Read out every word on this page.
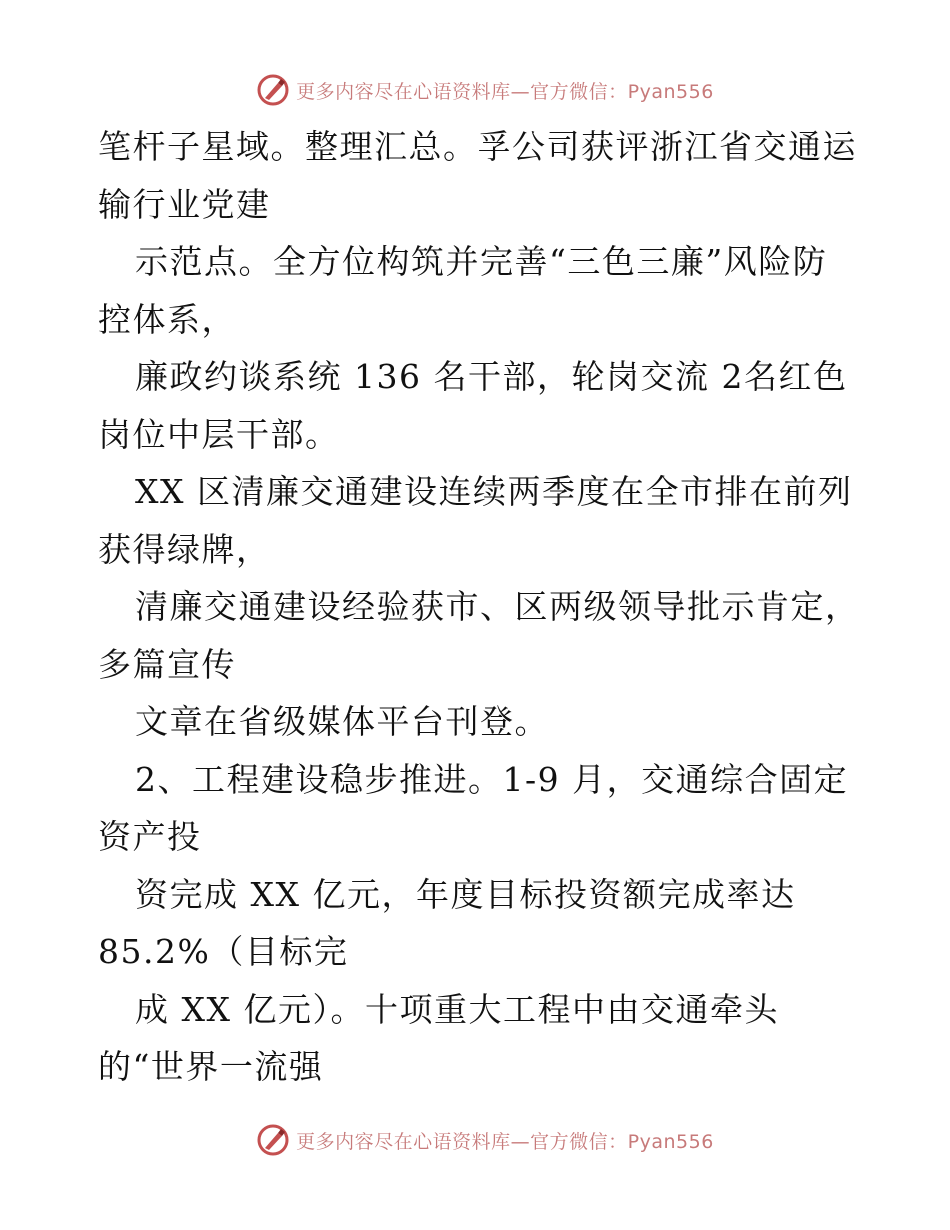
更多内容尽在心语资料库—官方微信：Pyan556
笔杆子星域。整理汇总。孚公司获评浙江省交通运
输行业党建
示范点。全方位构筑并完善“三色三廉”风险防
控体系，
廉政约谈系统 136 名干部，轮岗交流 2名红色
岗位中层干部。
XX 区清廉交通建设连续两季度在全市排在前列
获得绿牌，
清廉交通建设经验获市、区两级领导批示肯定，
多篇宣传
文章在省级媒体平台刊登。
2、工程建设稳步推进。1-9 月，交通综合固定
资产投
资完成 XX 亿元，年度目标投资额完成率达
85.2%（目标完
成 XX 亿元）。十项重大工程中由交通牵头
的“世界一流强
更多内容尽在心语资料库—官方微信：Pyan556
